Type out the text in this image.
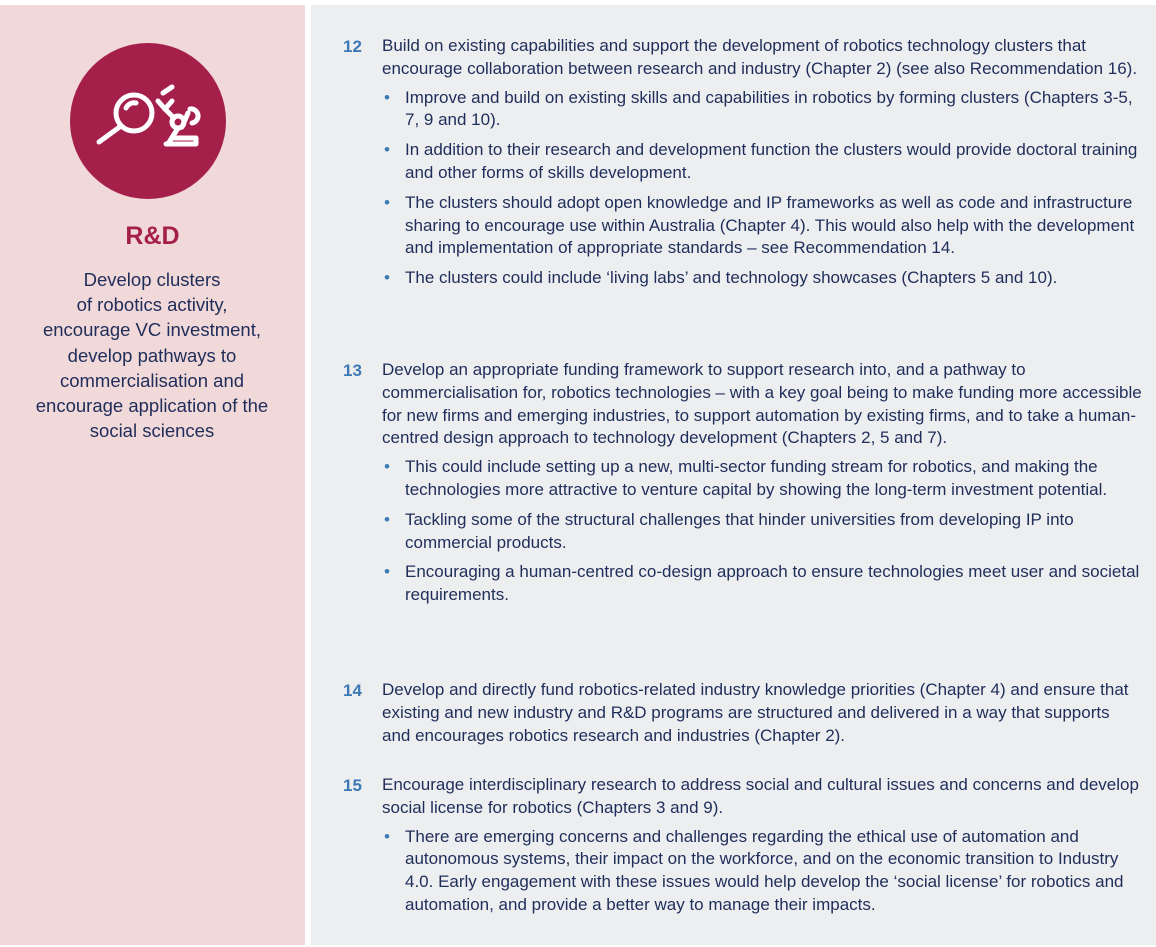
R&D

Develop clusters
of robotics activity,
encourage VC investment,
develop pathways to
commercialisation and
encourage application of the
social sciences

12 Build on existing capabilities and support the development of robotics technology clusters that encourage collaboration between research and industry (Chapter 2) (see also Recommendation 16).

• Improve and build on existing skills and capabilities in robotics by forming clusters (Chapters 3-5, 7, 9 and 10).
• In addition to their research and development function the clusters would provide doctoral training and other forms of skills development.
• The clusters should adopt open knowledge and IP frameworks as well as code and infrastructure sharing to encourage use within Australia (Chapter 4). This would also help with the development and implementation of appropriate standards – see Recommendation 14.
• The clusters could include ‘living labs’ and technology showcases (Chapters 5 and 10).
13 Develop an appropriate funding framework to support research into, and a pathway to commercialisation for, robotics technologies – with a key goal being to make funding more accessible for new firms and emerging industries, to support automation by existing firms, and to take a human-centred design approach to technology development (Chapters 2, 5 and 7).

• This could include setting up a new, multi-sector funding stream for robotics, and making the technologies more attractive to venture capital by showing the long-term investment potential.
• Tackling some of the structural challenges that hinder universities from developing IP into commercial products.
• Encouraging a human-centred co-design approach to ensure technologies meet user and societal requirements.
14 Develop and directly fund robotics-related industry knowledge priorities (Chapter 4) and ensure that existing and new industry and R&D programs are structured and delivered in a way that supports and encourages robotics research and industries (Chapter 2).

15 Encourage interdisciplinary research to address social and cultural issues and concerns and develop social license for robotics (Chapters 3 and 9).

• There are emerging concerns and challenges regarding the ethical use of automation and autonomous systems, their impact on the workforce, and on the economic transition to Industry 4.0. Early engagement with these issues would help develop the ‘social license’ for robotics and automation, and provide a better way to manage their impacts.
